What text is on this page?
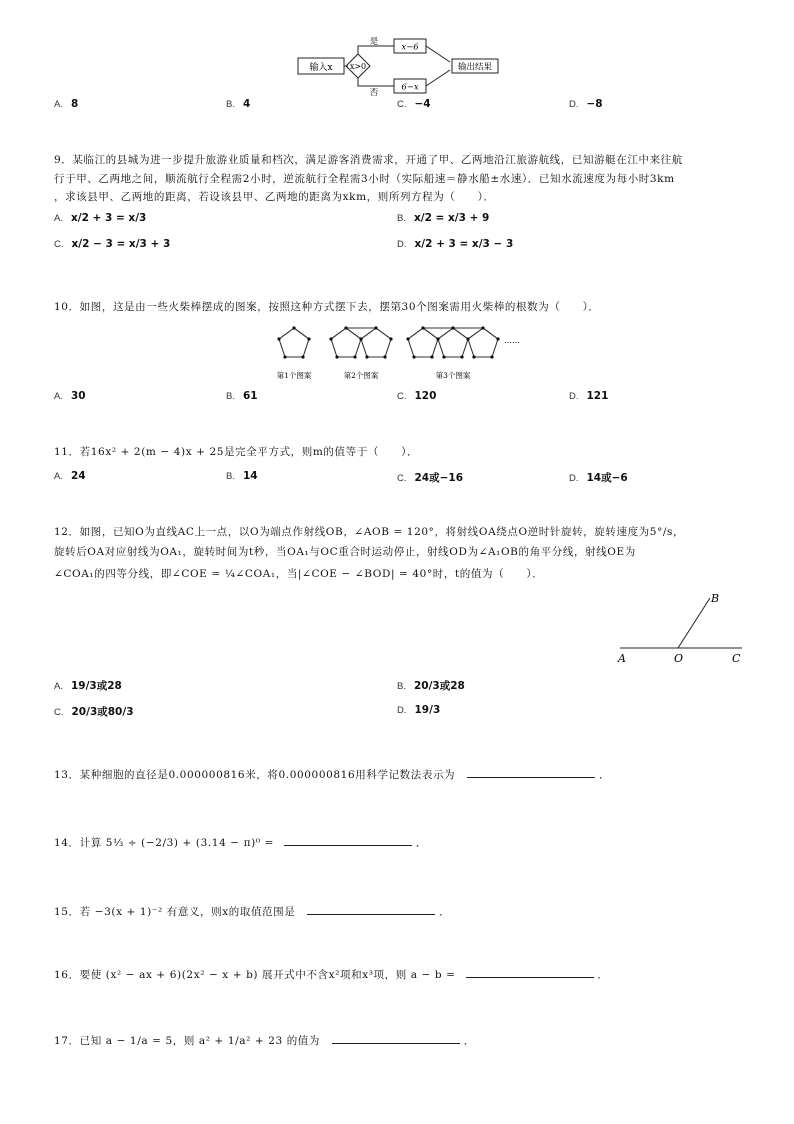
输入x x>0
是
否
x−6
6−x
输出结果
A. 8	B. 4	C. −4	D. −8
9．某临江的县城为进一步提升旅游业质量和档次，满足游客消费需求，开通了甲、乙两地沿江旅游航线，已知游艇在江中来往航
行于甲、乙两地之间，顺流航行全程需2小时，逆流航行全程需3小时（实际船速＝静水船±水速）．已知水流速度为每小时3km
，求该县甲、乙两地的距离，若设该县甲、乙两地的距离为xkm，则所列方程为（　　）．
A. x/2 + 3 = x/3	B. x/2 = x/3 + 9
C. x/2 − 3 = x/3 + 3	D. x/2 + 3 = x/3 − 3
10．如图，这是由一些火柴棒摆成的图案，按照这种方式摆下去，摆第30个图案需用火柴棒的根数为（　　）．
……
第1个图案	第2个图案	第3个图案
A. 30	B. 61	C. 120	D. 121
11．若16x² + 2(m − 4)x + 25是完全平方式，则m的值等于（　　）．
A. 24	B. 14	C. 24或−16	D. 14或−6
12．如图，已知O为直线AC上一点，以O为端点作射线OB，∠AOB = 120°，将射线OA绕点O逆时针旋转，旋转速度为5°/s，
旋转后OA对应射线为OA₁，旋转时间为t秒，当OA₁与OC重合时运动停止，射线OD为∠A₁OB的角平分线，射线OE为
∠COA₁的四等分线，即∠COE = ¼∠COA₁，当|∠COE − ∠BOD| = 40°时，t的值为（　　）．
A	O	C
B
A. 19/3或28	B. 20/3或28
C. 20/3或80/3	D. 19/3
13．某种细胞的直径是0.000000816米，将0.000000816用科学记数法表示为	．
14．计算 5⅓ ÷ (−2/3) + (3.14 − π)⁰ =	．
15．若 −3(x + 1)⁻² 有意义，则x的取值范围是	．
16．要使 (x² − ax + 6)(2x² − x + b) 展开式中不含x²项和x³项，则 a − b =	．
17．已知 a − 1/a = 5，则 a² + 1/a² + 23 的值为	．
